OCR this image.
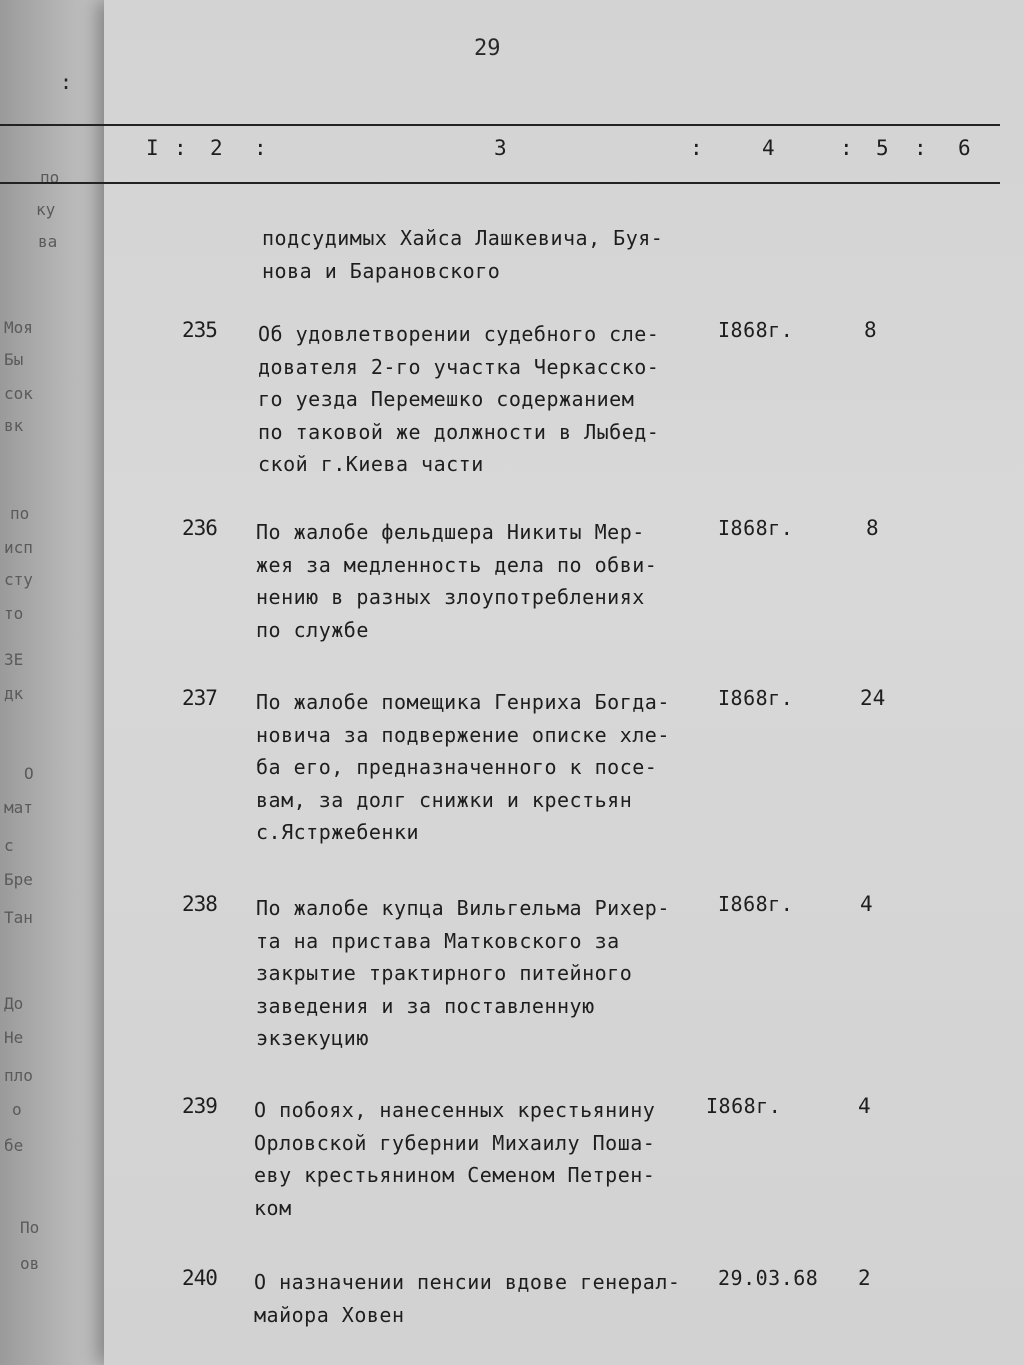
:
по
ку
ва
Моя
Бы
сок
вк
по
исп
сту
то
ЗЕ
дк
О
мат
с
Бре
Тан
До
Не
пло
о
бе
По
ов
29
I : 2 :	3	:	4	: 5 : 6
подсудимых Хайса Лашкевича, Буя-
нова и Барановского
235 Об удовлетворении судебного сле-
дователя 2-го участка Черкасско-
го уезда Перемешко содержанием
по таковой же должности в Лыбед-
ской г.Киева части
I868г.	8
236 По жалобе фельдшера Никиты Мер-
жея за медленность дела по обви-
нению в разных злоупотреблениях
по службе
I868г.	8
237 По жалобе помещика Генриха Богда-
новича за подвержение описке хле-
ба его, предназначенного к посе-
вам, за долг снижки и крестьян
с.Ястржебенки
I868г.	24
238 По жалобе купца Вильгельма Рихер-
та на пристава Матковского за
закрытие трактирного питейного
заведения и за поставленную
экзекуцию
I868г.	4
239 О побоях, нанесенных крестьянину
Орловской губернии Михаилу Поша-
еву крестьянином Семеном Петрен-
ком
I868г.	4
240 О назначении пенсии вдове генерал-
майора Ховен
29.03.68 2
